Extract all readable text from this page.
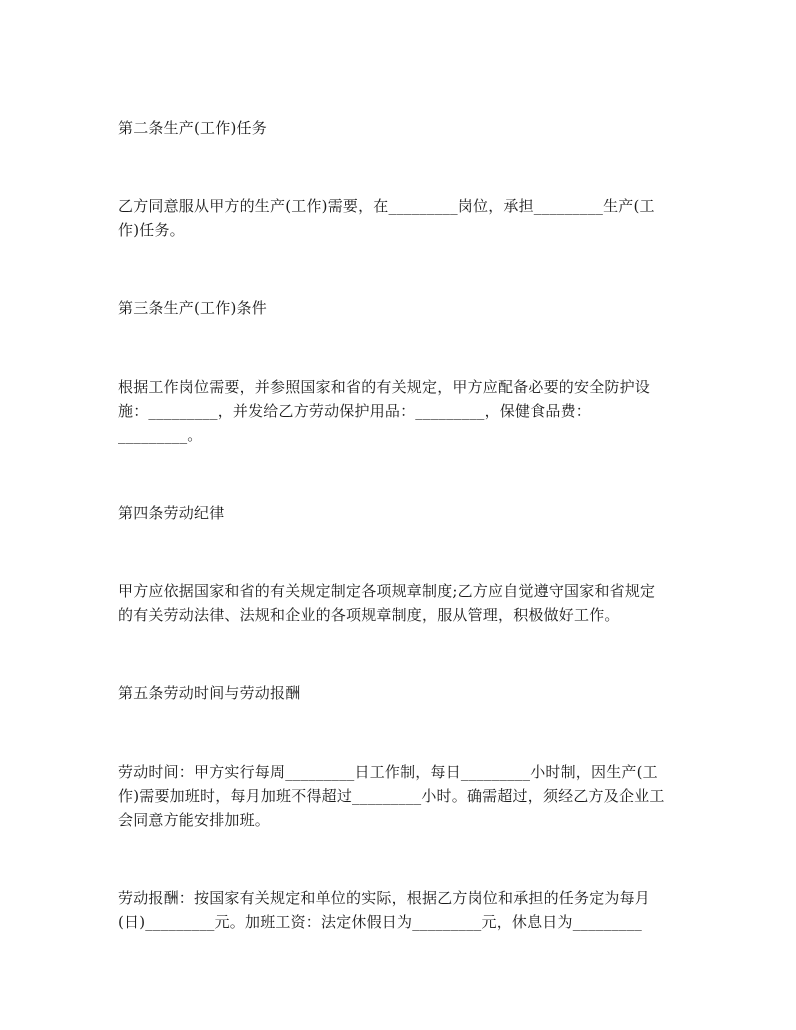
第二条生产(工作)任务

乙方同意服从甲方的生产(工作)需要，在_________岗位，承担_________生产(工

作)任务。

第三条生产(工作)条件

根据工作岗位需要，并参照国家和省的有关规定，甲方应配备必要的安全防护设

施：_________，并发给乙方劳动保护用品：_________，保健食品费：

_________。

第四条劳动纪律

甲方应依据国家和省的有关规定制定各项规章制度;乙方应自觉遵守国家和省规定

的有关劳动法律、法规和企业的各项规章制度，服从管理，积极做好工作。

第五条劳动时间与劳动报酬

劳动时间：甲方实行每周_________日工作制，每日_________小时制，因生产(工

作)需要加班时，每月加班不得超过_________小时。确需超过，须经乙方及企业工

会同意方能安排加班。

劳动报酬：按国家有关规定和单位的实际，根据乙方岗位和承担的任务定为每月

(日)_________元。加班工资：法定休假日为_________元，休息日为_________
